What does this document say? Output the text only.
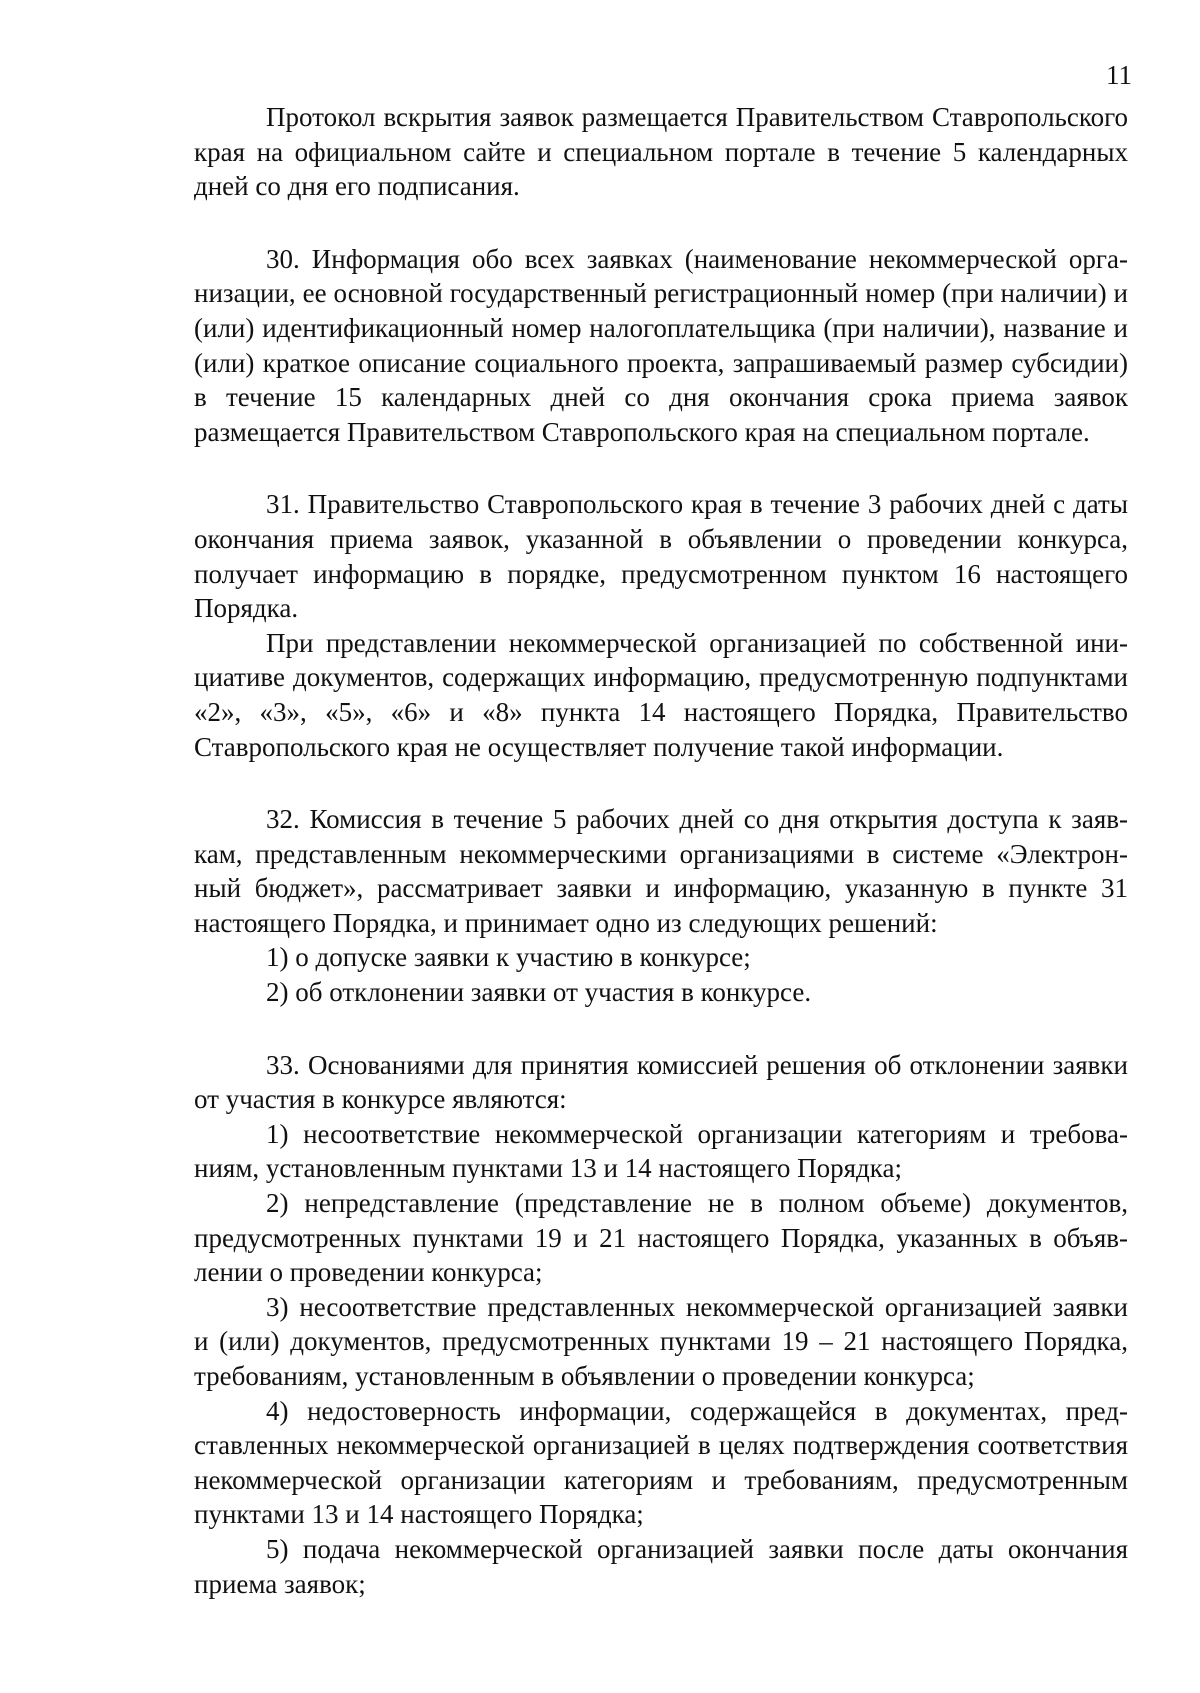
11

Протокол вскрытия заявок размещается Правительством Ставропольского края на официальном сайте и специальном портале в течение 5 календарных дней со дня его подписания.

30. Информация обо всех заявках (наименование некоммерческой организации, ее основной государственный регистрационный номер (при наличии) и (или) идентификационный номер налогоплательщика (при наличии), название и (или) краткое описание социального проекта, запрашиваемый размер субсидии) в течение 15 календарных дней со дня окончания срока приема заявок размещается Правительством Ставропольского края на специальном портале.

31. Правительство Ставропольского края в течение 3 рабочих дней с даты окончания приема заявок, указанной в объявлении о проведении конкурса, получает информацию в порядке, предусмотренном пунктом 16 настоящего Порядка.

При представлении некоммерческой организацией по собственной инициативе документов, содержащих информацию, предусмотренную подпунктами «2», «3», «5», «6» и «8» пункта 14 настоящего Порядка, Правительство Ставропольского края не осуществляет получение такой информации.

32. Комиссия в течение 5 рабочих дней со дня открытия доступа к заявкам, представленным некоммерческими организациями в системе «Электронный бюджет», рассматривает заявки и информацию, указанную в пункте 31 настоящего Порядка, и принимает одно из следующих решений:

1) о допуске заявки к участию в конкурсе;

2) об отклонении заявки от участия в конкурсе.

33. Основаниями для принятия комиссией решения об отклонении заявки от участия в конкурсе являются:

1) несоответствие некоммерческой организации категориям и требованиям, установленным пунктами 13 и 14 настоящего Порядка;

2) непредставление (представление не в полном объеме) документов, предусмотренных пунктами 19 и 21 настоящего Порядка, указанных в объявлении о проведении конкурса;

3) несоответствие представленных некоммерческой организацией заявки и (или) документов, предусмотренных пунктами 19 – 21 настоящего Порядка, требованиям, установленным в объявлении о проведении конкурса;

4) недостоверность информации, содержащейся в документах, представленных некоммерческой организацией в целях подтверждения соответствия некоммерческой организации категориям и требованиям, предусмотренным пунктами 13 и 14 настоящего Порядка;

5) подача некоммерческой организацией заявки после даты окончания приема заявок;
